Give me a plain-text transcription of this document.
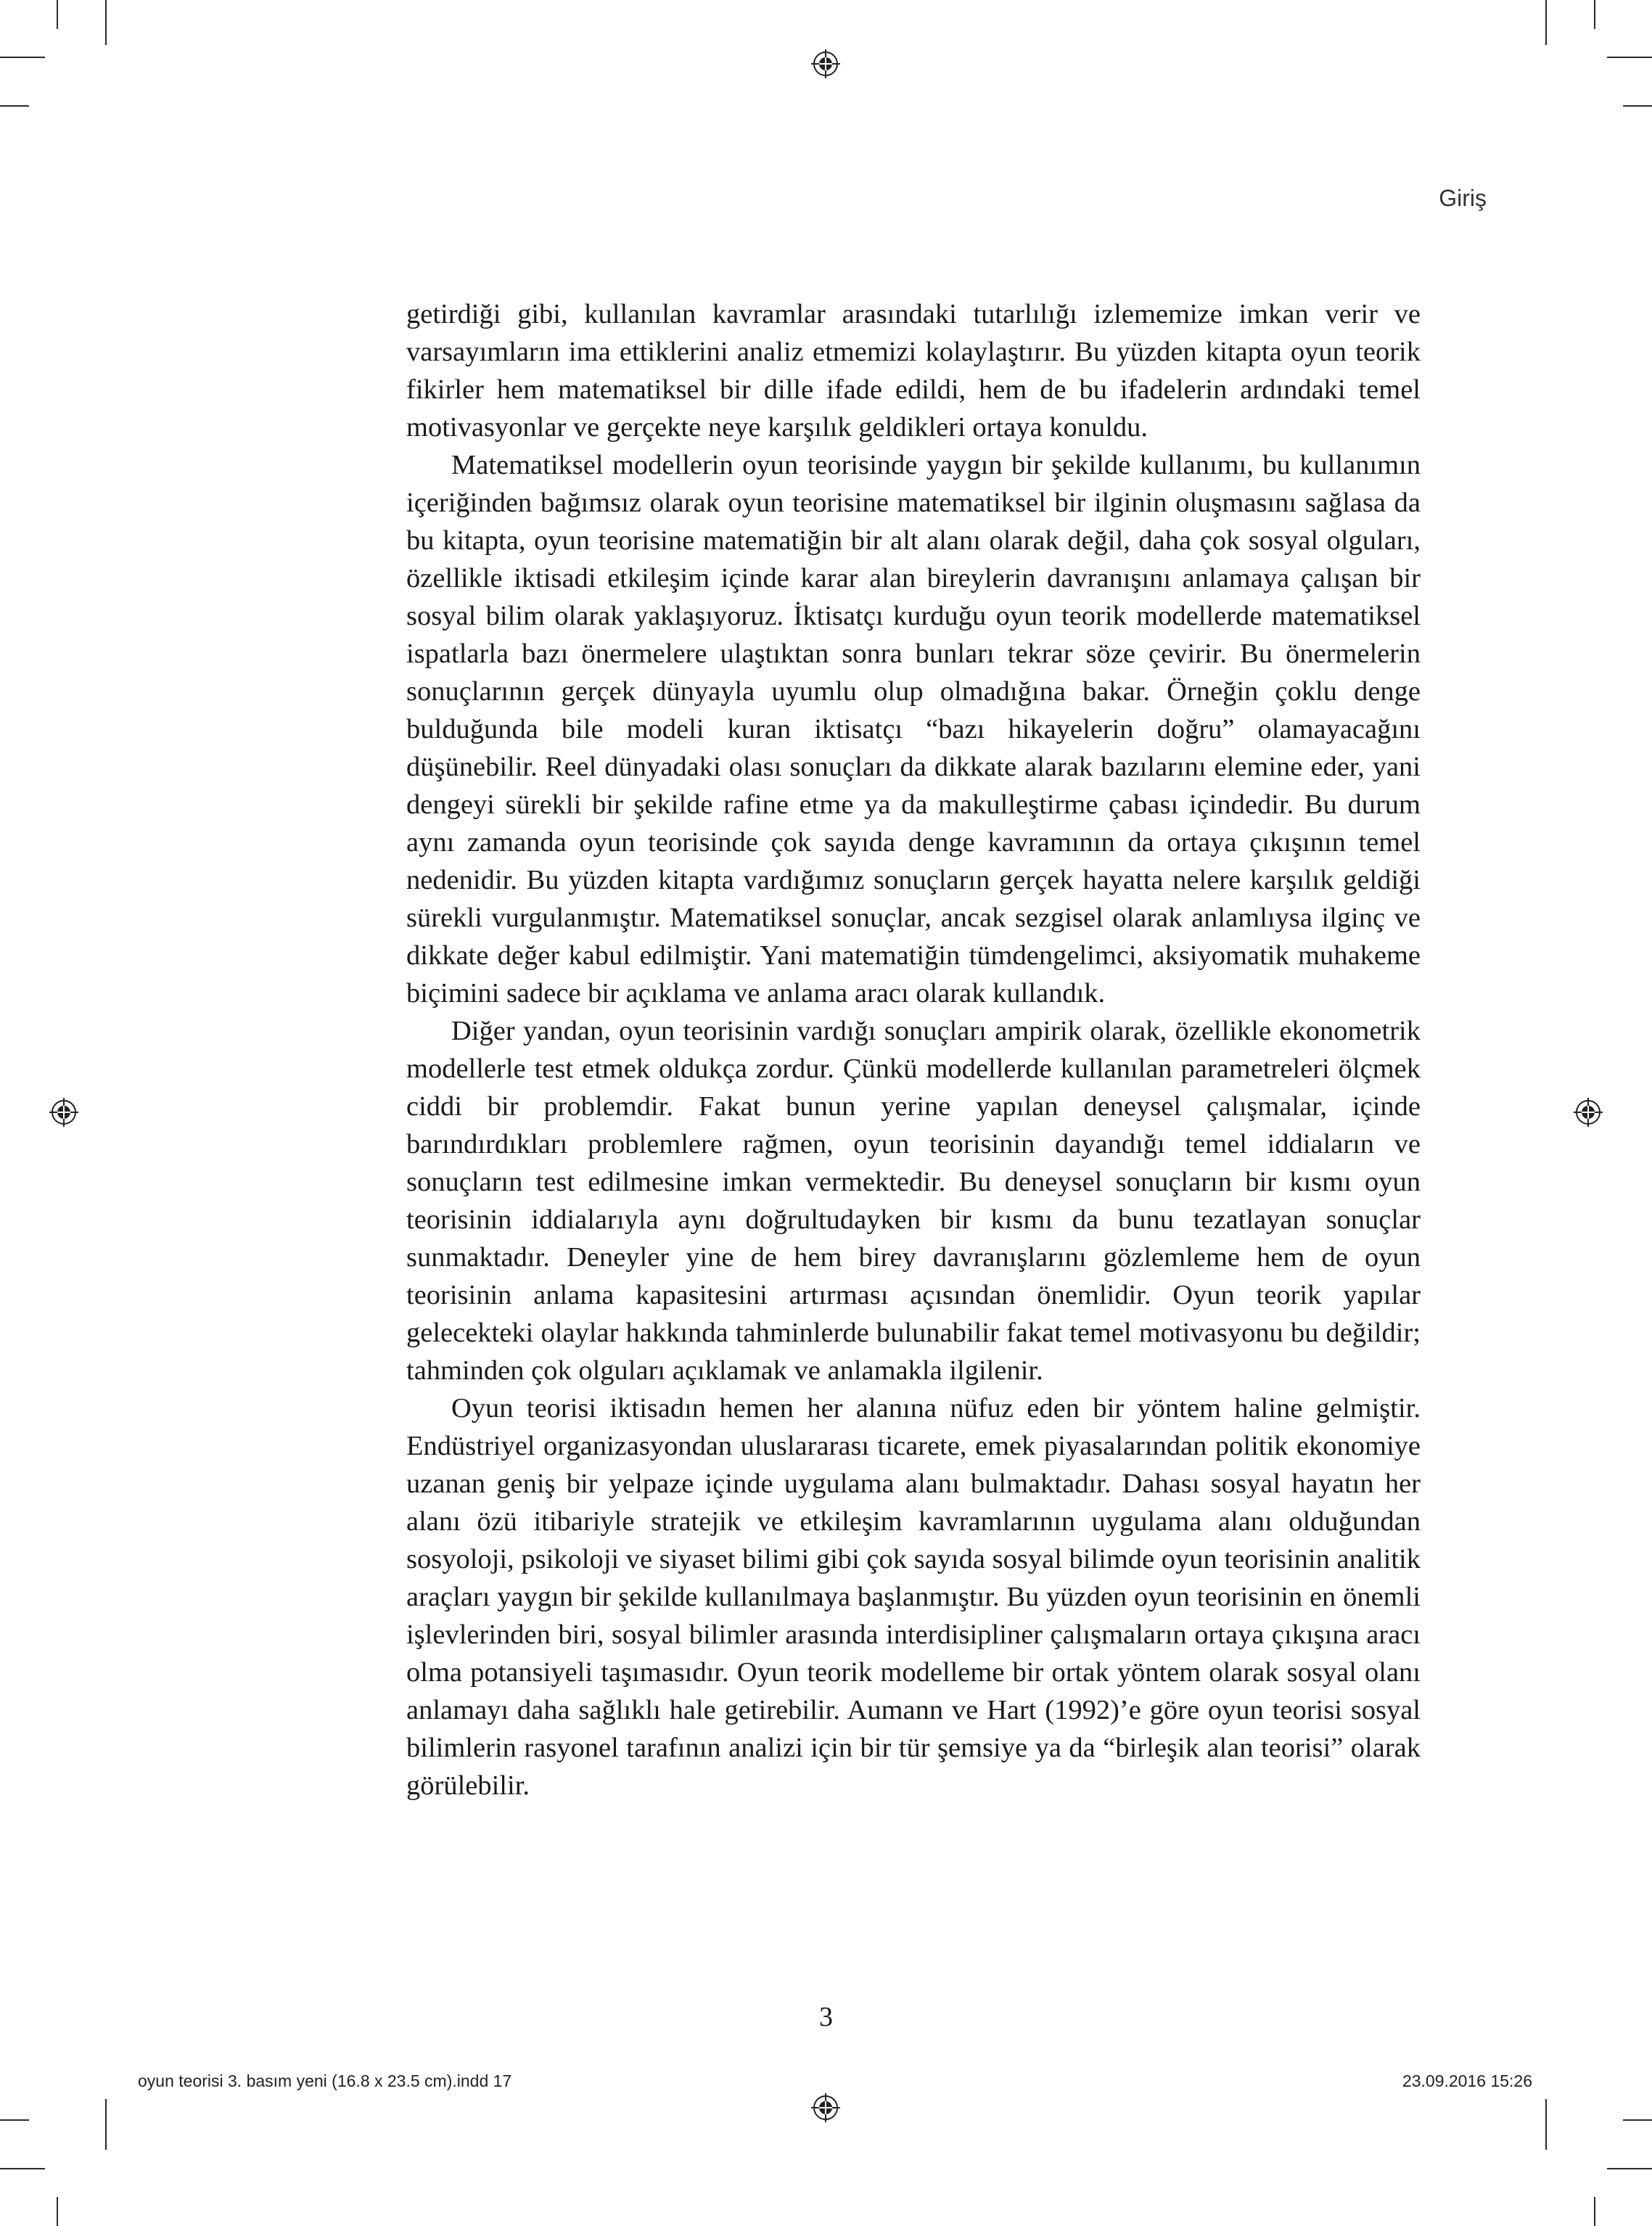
Giriş

getirdiği gibi, kullanılan kavramlar arasındaki tutarlılığı izlememize imkan verir ve varsayımların ima ettiklerini analiz etmemizi kolaylaştırır. Bu yüzden kitapta oyun teorik fikirler hem matematiksel bir dille ifade edildi, hem de bu ifadelerin ardındaki temel motivasyonlar ve gerçekte neye karşılık geldikleri ortaya konuldu.

Matematiksel modellerin oyun teorisinde yaygın bir şekilde kullanımı, bu kullanımın içeriğinden bağımsız olarak oyun teorisine matematiksel bir ilginin oluşmasını sağlasa da bu kitapta, oyun teorisine matematiğin bir alt alanı olarak değil, daha çok sosyal olguları, özellikle iktisadi etkileşim içinde karar alan bireylerin davranışını anlamaya çalışan bir sosyal bilim olarak yaklaşıyoruz. İktisatçı kurduğu oyun teorik modellerde matematiksel ispatlarla bazı önermelere ulaştıktan sonra bunları tekrar söze çevirir. Bu önermelerin sonuçlarının gerçek dünyayla uyumlu olup olmadığına bakar. Örneğin çoklu denge bulduğunda bile modeli kuran iktisatçı “bazı hikayelerin doğru” olamayacağını düşünebilir. Reel dünyadaki olası sonuçları da dikkate alarak bazılarını elemine eder, yani dengeyi sürekli bir şekilde rafine etme ya da makulleştirme çabası içindedir. Bu durum aynı zamanda oyun teorisinde çok sayıda denge kavramının da ortaya çıkışının temel nedenidir. Bu yüzden kitapta vardığımız sonuçların gerçek hayatta nelere karşılık geldiği sürekli vurgulanmıştır. Matematiksel sonuçlar, ancak sezgisel olarak anlamlıysa ilginç ve dikkate değer kabul edilmiştir. Yani matematiğin tümdengelimci, aksiyomatik muhakeme biçimini sadece bir açıklama ve anlama aracı olarak kullandık.

Diğer yandan, oyun teorisinin vardığı sonuçları ampirik olarak, özellikle ekonometrik modellerle test etmek oldukça zordur. Çünkü modellerde kullanılan parametreleri ölçmek ciddi bir problemdir. Fakat bunun yerine yapılan deneysel çalışmalar, içinde barındırdıkları problemlere rağmen, oyun teorisinin dayandığı temel iddiaların ve sonuçların test edilmesine imkan vermektedir. Bu deneysel sonuçların bir kısmı oyun teorisinin iddialarıyla aynı doğrultudayken bir kısmı da bunu tezatlayan sonuçlar sunmaktadır. Deneyler yine de hem birey davranışlarını gözlemleme hem de oyun teorisinin anlama kapasitesini artırması açısından önemlidir. Oyun teorik yapılar gelecekteki olaylar hakkında tahminlerde bulunabilir fakat temel motivasyonu bu değildir; tahminden çok olguları açıklamak ve anlamakla ilgilenir.

Oyun teorisi iktisadın hemen her alanına nüfuz eden bir yöntem haline gelmiştir. Endüstriyel organizasyondan uluslararası ticarete, emek piyasalarından politik ekonomiye uzanan geniş bir yelpaze içinde uygulama alanı bulmaktadır. Dahası sosyal hayatın her alanı özü itibariyle stratejik ve etkileşim kavramlarının uygulama alanı olduğundan sosyoloji, psikoloji ve siyaset bilimi gibi çok sayıda sosyal bilimde oyun teorisinin analitik araçları yaygın bir şekilde kullanılmaya başlanmıştır. Bu yüzden oyun teorisinin en önemli işlevlerinden biri, sosyal bilimler arasında interdisipliner çalışmaların ortaya çıkışına aracı olma potansiyeli taşımasıdır. Oyun teorik modelleme bir ortak yöntem olarak sosyal olanı anlamayı daha sağlıklı hale getirebilir. Aumann ve Hart (1992)’e göre oyun teorisi sosyal bilimlerin rasyonel tarafının analizi için bir tür şemsiye ya da “birleşik alan teorisi” olarak görülebilir.

3
oyun teorisi 3. basım yeni (16.8 x 23.5 cm).indd 17	23.09.2016 15:26
